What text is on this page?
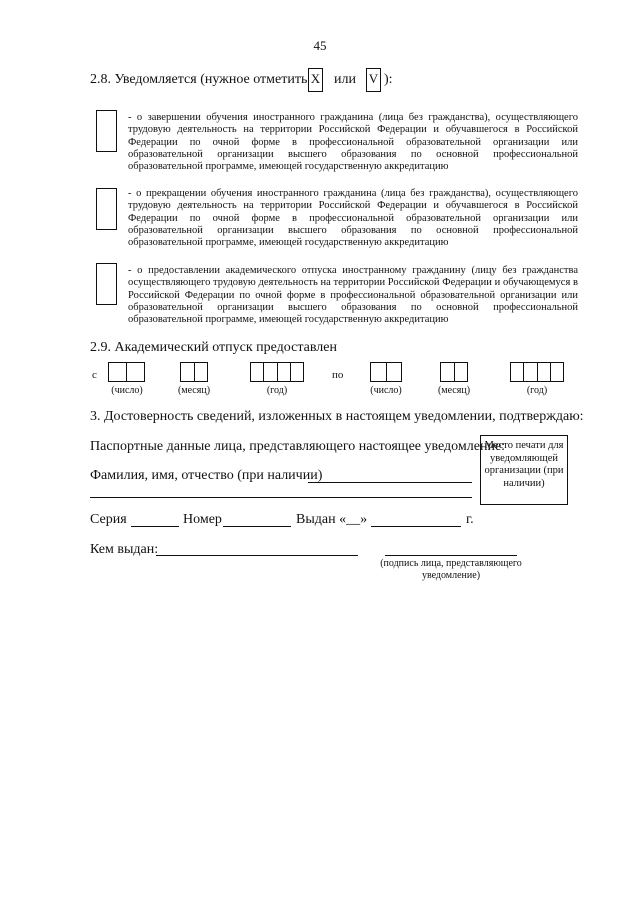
45
2.8. Уведомляется (нужное отметить X или V ):
- о завершении обучения иностранного гражданина (лица без гражданства), осуществляющего трудовую деятельность на территории Российской Федерации и обучавшегося в Российской Федерации по очной форме в профессиональной образовательной организации или образовательной организации высшего образования по основной профессиональной образовательной программе, имеющей государственную аккредитацию
- о прекращении обучения иностранного гражданина (лица без гражданства), осуществляющего трудовую деятельность на территории Российской Федерации и обучавшегося в Российской Федерации по очной форме в профессиональной образовательной организации или образовательной организации высшего образования по основной профессиональной образовательной программе, имеющей государственную аккредитацию
- о предоставлении академического отпуска иностранному гражданину (лицу без гражданства осуществляющего трудовую деятельность на территории Российской Федерации и обучающемуся в Российской Федерации по очной форме в профессиональной образовательной организации или образовательной организации высшего образования по основной профессиональной образовательной программе, имеющей государственную аккредитацию
2.9. Академический отпуск предоставлен
с
(число)	(месяц)	(год)
по
(число)	(месяц)	(год)
3. Достоверность сведений, изложенных в настоящем уведомлении, подтверждаю:
Паспортные данные лица, представляющего настоящее уведомление:
Место печати для уведомляющей организации (при наличии)
Фамилия, имя, отчество (при наличии)
Серия	Номер	Выдан «__»	г.
Кем выдан:
(подпись лица, представляющего уведомление)
